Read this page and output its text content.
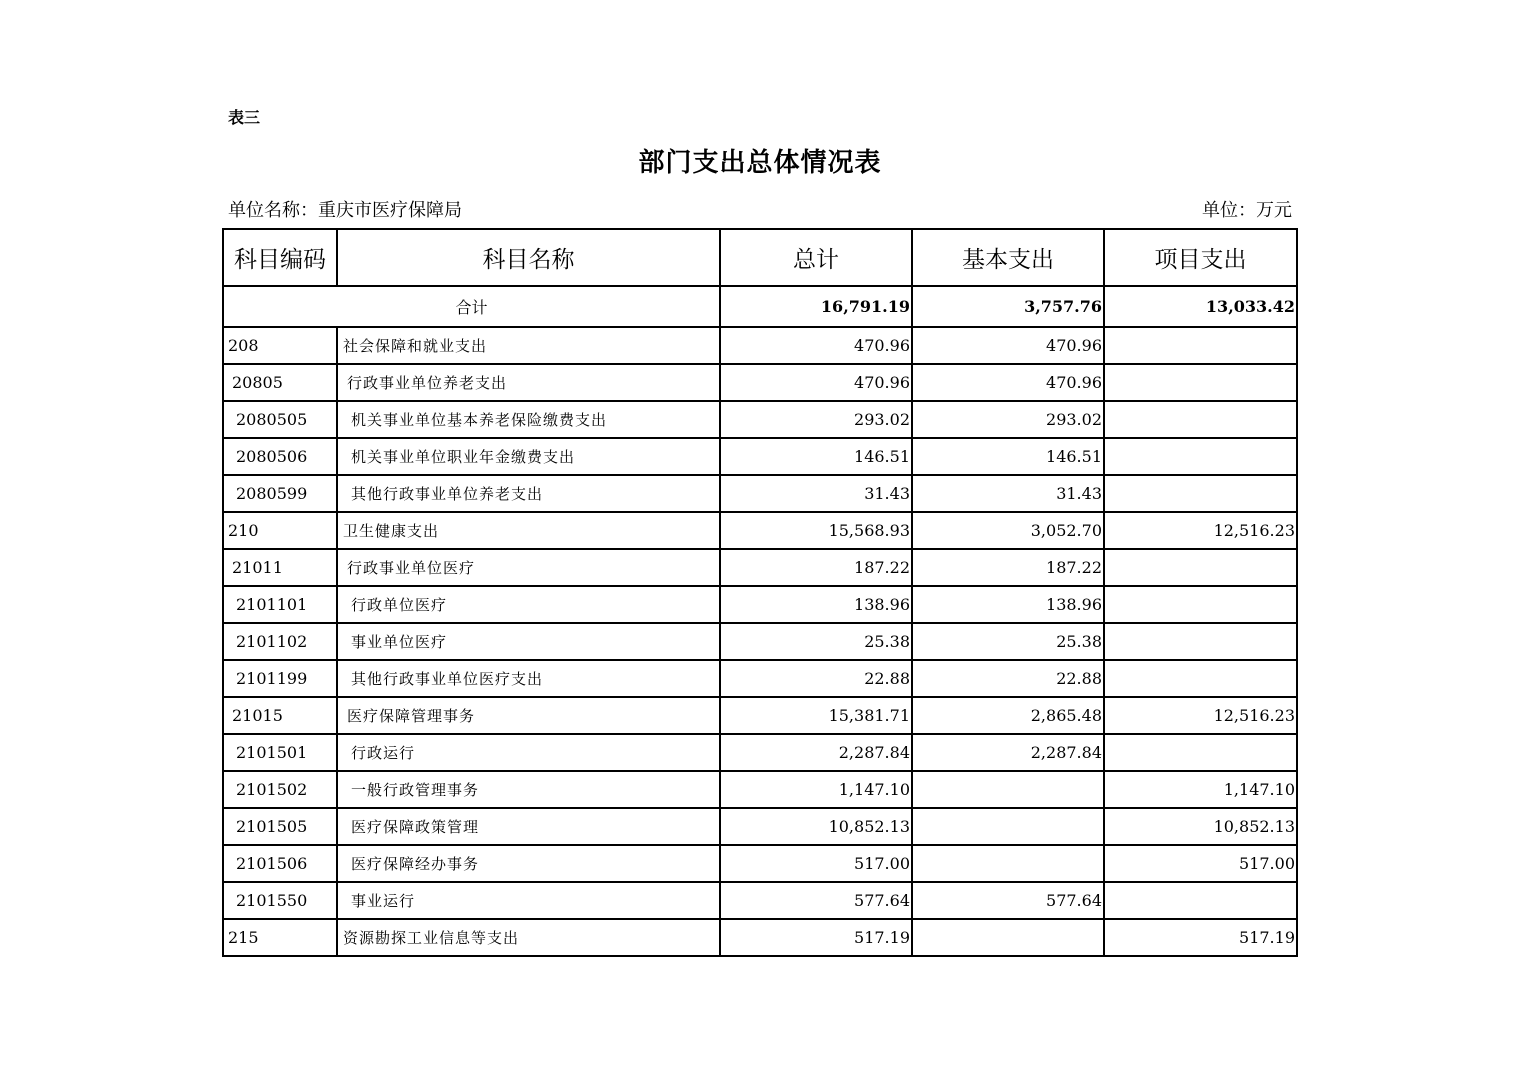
表三
部门支出总体情况表
单位名称：重庆市医疗保障局	单位：万元
科目编码	科目名称	总计	基本支出	项目支出
合计		16,791.19	3,757.76	13,033.42
208	社会保障和就业支出	470.96	470.96	
20805	行政事业单位养老支出	470.96	470.96	
2080505	机关事业单位基本养老保险缴费支出	293.02	293.02	
2080506	机关事业单位职业年金缴费支出	146.51	146.51	
2080599	其他行政事业单位养老支出	31.43	31.43	
210	卫生健康支出	15,568.93	3,052.70	12,516.23
21011	行政事业单位医疗	187.22	187.22	
2101101	行政单位医疗	138.96	138.96	
2101102	事业单位医疗	25.38	25.38	
2101199	其他行政事业单位医疗支出	22.88	22.88	
21015	医疗保障管理事务	15,381.71	2,865.48	12,516.23
2101501	行政运行	2,287.84	2,287.84	
2101502	一般行政管理事务	1,147.10		1,147.10
2101505	医疗保障政策管理	10,852.13		10,852.13
2101506	医疗保障经办事务	517.00		517.00
2101550	事业运行	577.64	577.64	
215	资源勘探工业信息等支出	517.19		517.19
